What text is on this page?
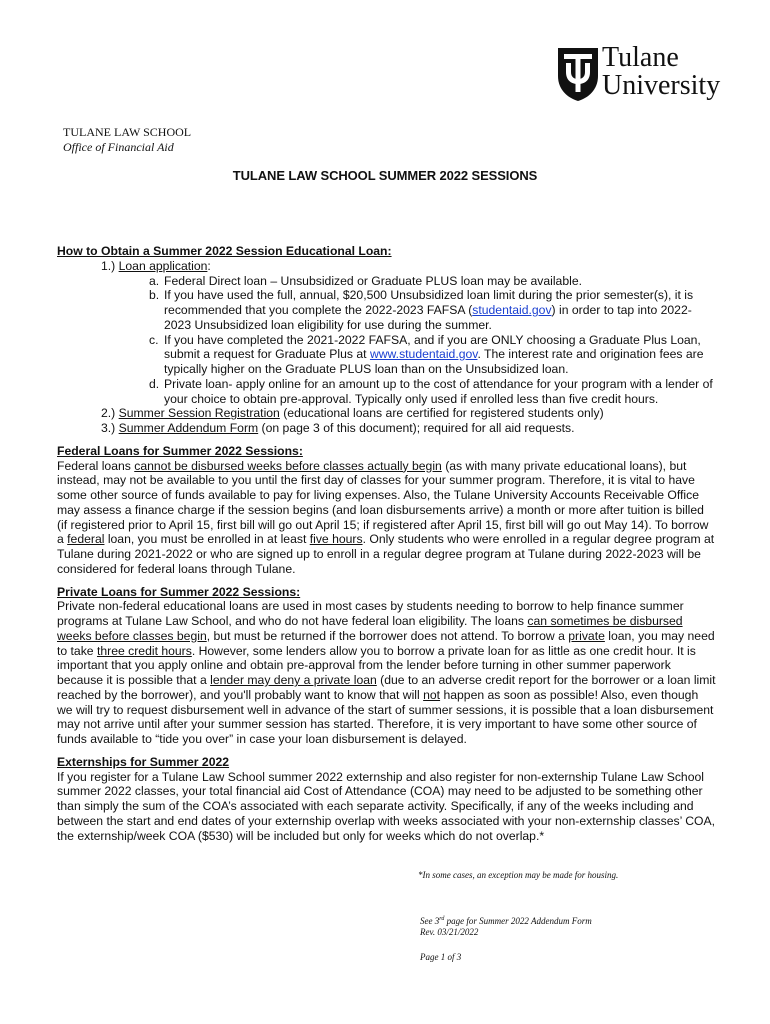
Tulane
University
TULANE LAW SCHOOL
Office of Financial Aid
TULANE LAW SCHOOL SUMMER 2022 SESSIONS

How to Obtain a Summer 2022 Session Educational Loan:

1.) Loan application:

a. Federal Direct loan – Unsubsidized or Graduate PLUS loan may be available.
b. If you have used the full, annual, $20,500 Unsubsidized loan limit during the prior semester(s), it is recommended that you complete the 2022-2023 FAFSA (studentaid.gov) in order to tap into 2022-2023 Unsubsidized loan eligibility for use during the summer.
c. If you have completed the 2021-2022 FAFSA, and if you are ONLY choosing a Graduate Plus Loan, submit a request for Graduate Plus at www.studentaid.gov. The interest rate and origination fees are typically higher on the Graduate PLUS loan than on the Unsubsidized loan.
d. Private loan- apply online for an amount up to the cost of attendance for your program with a lender of your choice to obtain pre-approval. Typically only used if enrolled less than five credit hours.

2.) Summer Session Registration (educational loans are certified for registered students only)

3.) Summer Addendum Form (on page 3 of this document); required for all aid requests.

Federal Loans for Summer 2022 Sessions:

Federal loans cannot be disbursed weeks before classes actually begin (as with many private educational loans), but instead, may not be available to you until the first day of classes for your summer program. Therefore, it is vital to have some other source of funds available to pay for living expenses. Also, the Tulane University Accounts Receivable Office may assess a finance charge if the session begins (and loan disbursements arrive) a month or more after tuition is billed (if registered prior to April 15, first bill will go out April 15; if registered after April 15, first bill will go out May 14). To borrow a federal loan, you must be enrolled in at least five hours. Only students who were enrolled in a regular degree program at Tulane during 2021-2022 or who are signed up to enroll in a regular degree program at Tulane during 2022-2023 will be considered for federal loans through Tulane.

Private Loans for Summer 2022 Sessions:

Private non-federal educational loans are used in most cases by students needing to borrow to help finance summer programs at Tulane Law School, and who do not have federal loan eligibility. The loans can sometimes be disbursed weeks before classes begin, but must be returned if the borrower does not attend. To borrow a private loan, you may need to take three credit hours. However, some lenders allow you to borrow a private loan for as little as one credit hour. It is important that you apply online and obtain pre-approval from the lender before turning in other summer paperwork because it is possible that a lender may deny a private loan (due to an adverse credit report for the borrower or a loan limit reached by the borrower), and you'll probably want to know that will not happen as soon as possible! Also, even though we will try to request disbursement well in advance of the start of summer sessions, it is possible that a loan disbursement may not arrive until after your summer session has started. Therefore, it is very important to have some other source of funds available to “tide you over” in case your loan disbursement is delayed.

Externships for Summer 2022

If you register for a Tulane Law School summer 2022 externship and also register for non-externship Tulane Law School summer 2022 classes, your total financial aid Cost of Attendance (COA) may need to be adjusted to be something other than simply the sum of the COA’s associated with each separate activity. Specifically, if any of the weeks including and between the start and end dates of your externship overlap with weeks associated with your non-externship classes’ COA, the externship/week COA ($530) will be included but only for weeks which do not overlap.*

*In some cases, an exception may be made for housing.
See 3rd page for Summer 2022 Addendum Form
Rev. 03/21/2022
Page 1 of 3
